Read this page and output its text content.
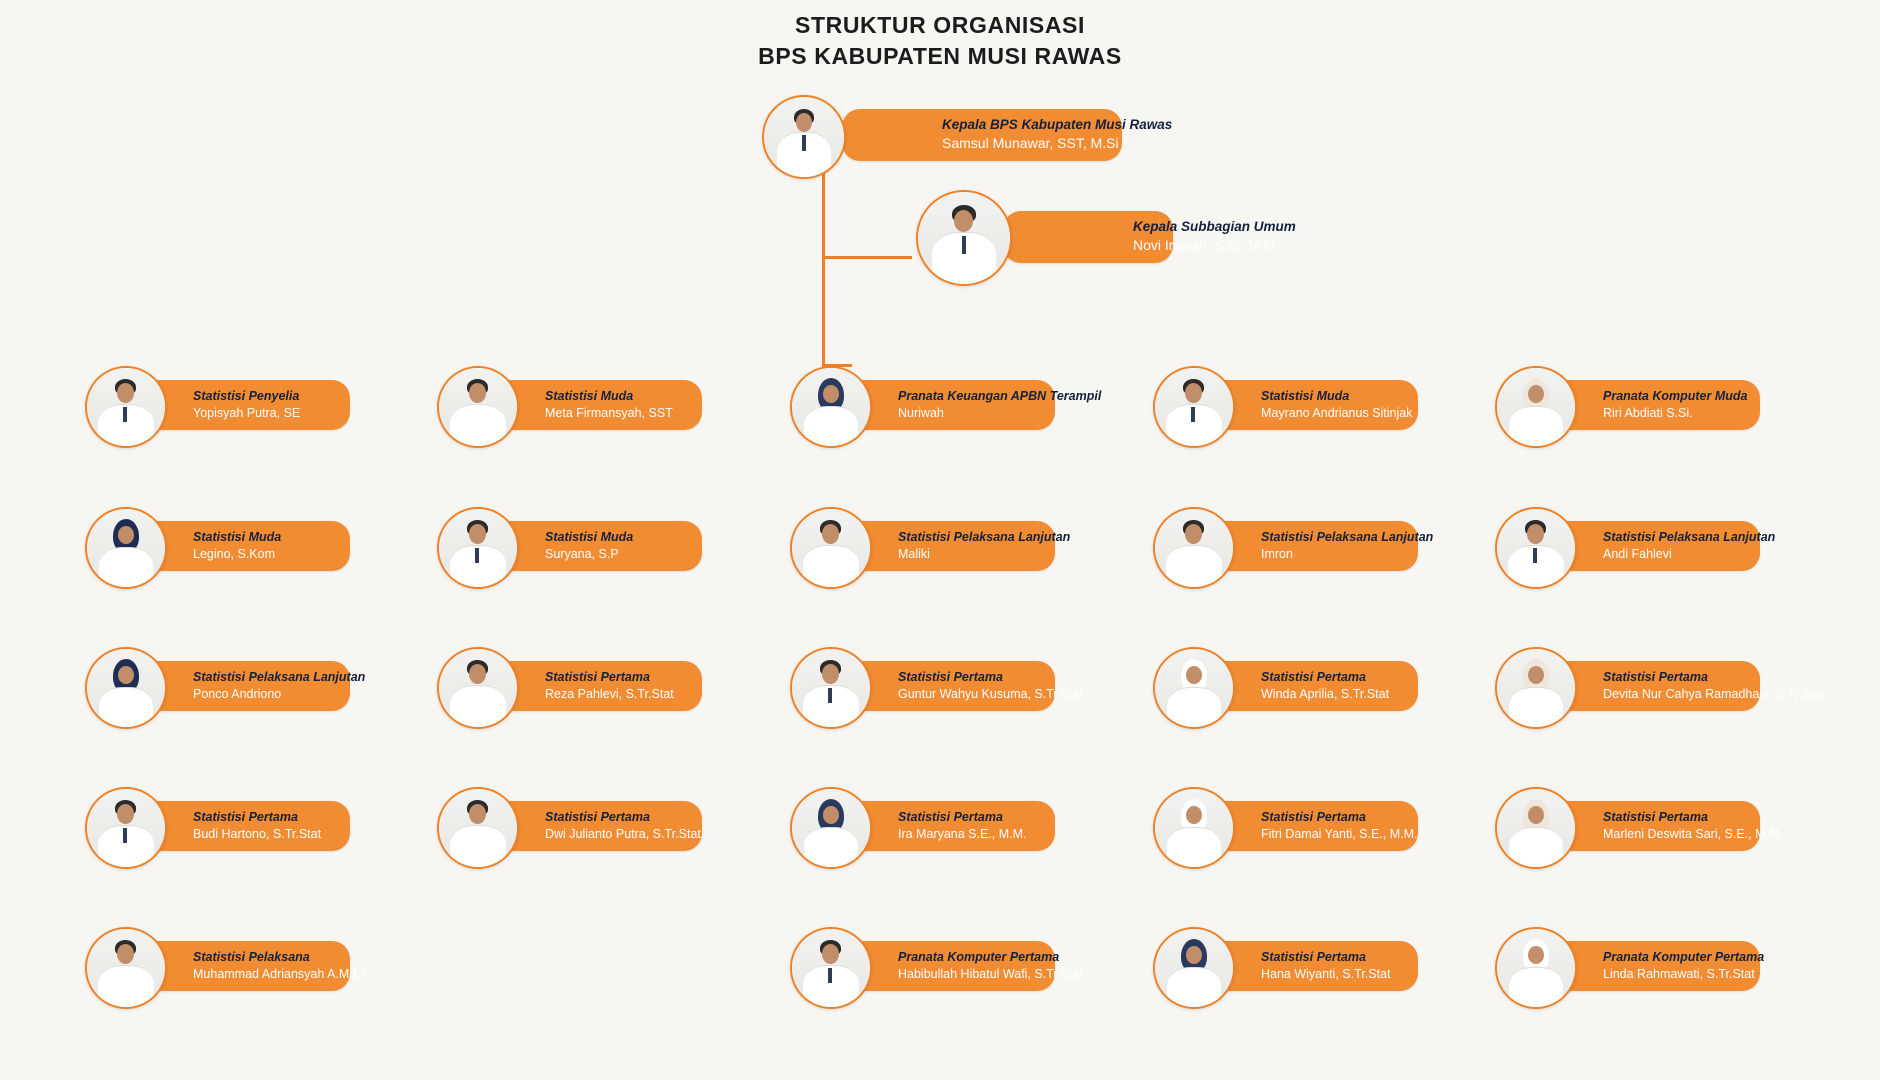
STRUKTUR ORGANISASI
BPS KABUPATEN MUSI RAWAS
Kepala BPS Kabupaten Musi Rawas
Samsul Munawar, SST, M.Si
Kepala Subbagian Umum
Novi Irawan, S.Si, M.M
Statistisi Penyelia
Yopisyah Putra, SE
Statistisi Muda
Meta Firmansyah, SST
Pranata Keuangan APBN Terampil
Nuriwah
Statistisi Muda
Mayrano Andrianus Sitinjak
Pranata Komputer Muda
Riri Abdiati S.Si.
Statistisi Muda
Legino, S.Kom
Statistisi Muda
Suryana, S.P
Statistisi Pelaksana Lanjutan
Maliki
Statistisi Pelaksana Lanjutan
Imron
Statistisi Pelaksana Lanjutan
Andi Fahlevi
Statistisi Pelaksana Lanjutan
Ponco Andriono
Statistisi Pertama
Reza Pahlevi, S.Tr.Stat
Statistisi Pertama
Guntur Wahyu Kusuma, S.Tr.Stat
Statistisi Pertama
Winda Aprilia, S.Tr.Stat
Statistisi Pertama
Devita Nur Cahya Ramadhani, S.Tr.Stat
Statistisi Pertama
Budi Hartono, S.Tr.Stat
Statistisi Pertama
Dwi Julianto Putra, S.Tr.Stat.
Statistisi Pertama
Ira Maryana S.E., M.M.
Statistisi Pertama
Fitri Damai Yanti, S.E., M.M.
Statistisi Pertama
Marleni Deswita Sari, S.E., M.M.
Statistisi Pelaksana
Muhammad Adriansyah A.Md.T
Pranata Komputer Pertama
Habibullah Hibatul Wafi, S.Tr.Stat
Statistisi Pertama
Hana Wiyanti, S.Tr.Stat
Pranata Komputer Pertama
Linda Rahmawati, S.Tr.Stat
